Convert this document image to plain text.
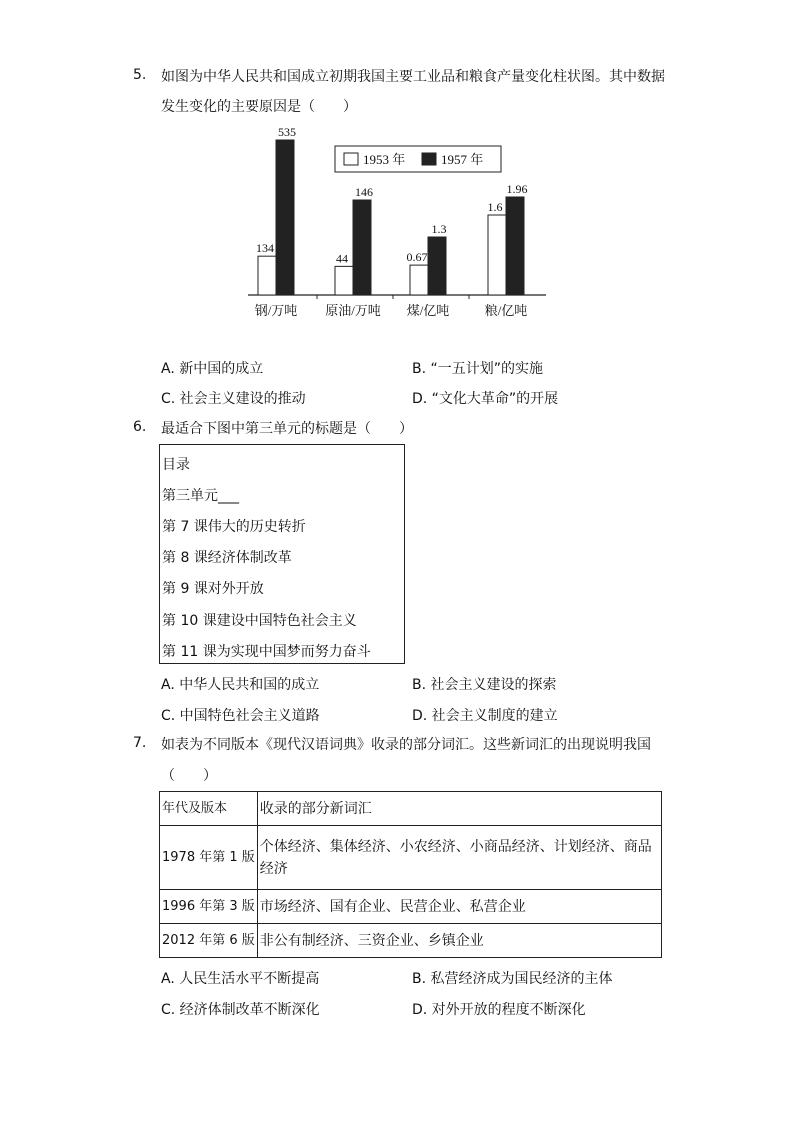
5. 如图为中华人民共和国成立初期我国主要工业品和粮食产量变化柱状图。其中数据
发生变化的主要原因是（　　）
134
535
钢/万吨
44
146
原油/万吨
0.67
1.3
煤/亿吨
1.6
1.96
粮/亿吨
1953 年	1957 年
A. 新中国的成立	B. “一五计划”的实施
C. 社会主义建设的推动	D. “文化大革命”的开展
6. 最适合下图中第三单元的标题是（　　）
目录
第三单元___
第 7 课伟大的历史转折
第 8 课经济体制改革
第 9 课对外开放
第 10 课建设中国特色社会主义
第 11 课为实现中国梦而努力奋斗
A. 中华人民共和国的成立	B. 社会主义建设的探索
C. 中国特色社会主义道路	D. 社会主义制度的建立
7. 如表为不同版本《现代汉语词典》收录的部分词汇。这些新词汇的出现说明我国
（　　）
年代及版本	收录的部分新词汇
1978 年第 1 版	个体经济、集体经济、小农经济、小商品经济、计划经济、商品经济
1996 年第 3 版	市场经济、国有企业、民营企业、私营企业
2012 年第 6 版	非公有制经济、三资企业、乡镇企业
A. 人民生活水平不断提高	B. 私营经济成为国民经济的主体
C. 经济体制改革不断深化	D. 对外开放的程度不断深化
